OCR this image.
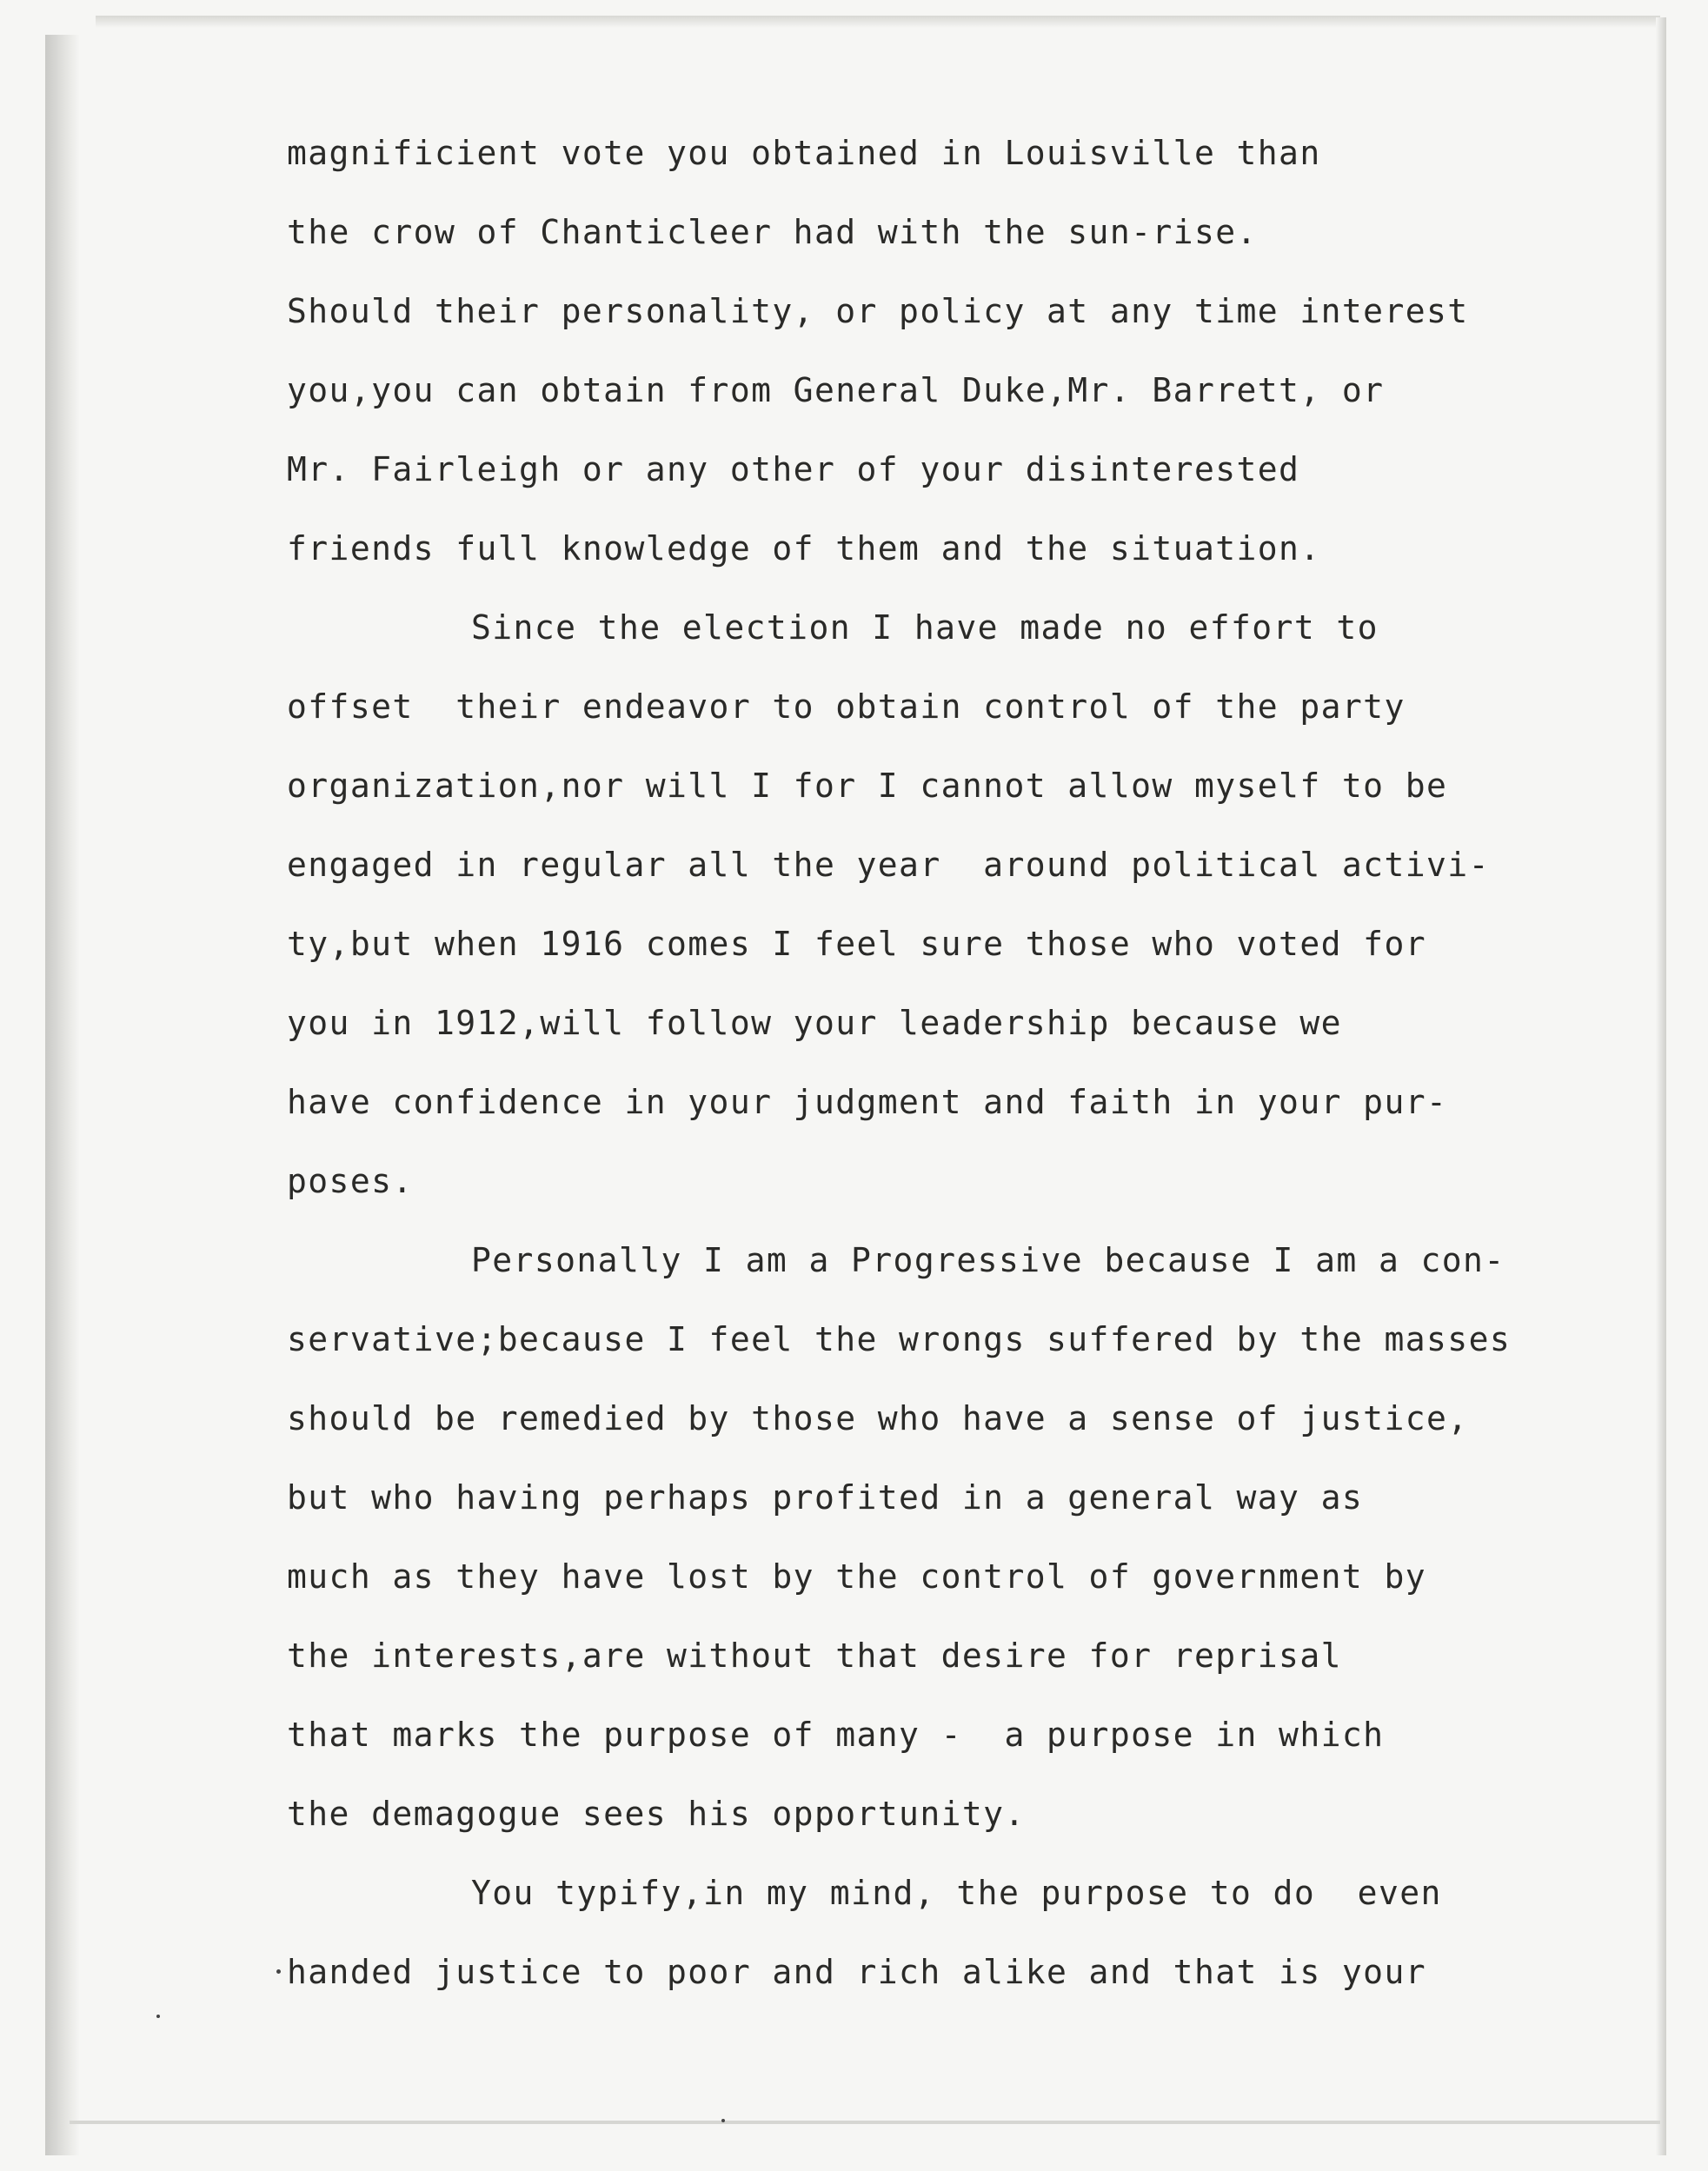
magnificient vote you obtained in Louisville than
the crow of Chanticleer had with the sun-rise.
Should their personality, or policy at any time interest
you,you can obtain from General Duke,Mr. Barrett, or
Mr. Fairleigh or any other of your disinterested
friends full knowledge of them and the situation.
Since the election I have made no effort to
offset  their endeavor to obtain control of the party
organization,nor will I for I cannot allow myself to be
engaged in regular all the year  around political activi-
ty,but when 1916 comes I feel sure those who voted for
you in 1912,will follow your leadership because we
have confidence in your judgment and faith in your pur-
poses.
Personally I am a Progressive because I am a con-
servative;because I feel the wrongs suffered by the masses
should be remedied by those who have a sense of justice,
but who having perhaps profited in a general way as
much as they have lost by the control of government by
the interests,are without that desire for reprisal
that marks the purpose of many -  a purpose in which
the demagogue sees his opportunity.
You typify,in my mind, the purpose to do  even
handed justice to poor and rich alike and that is your
